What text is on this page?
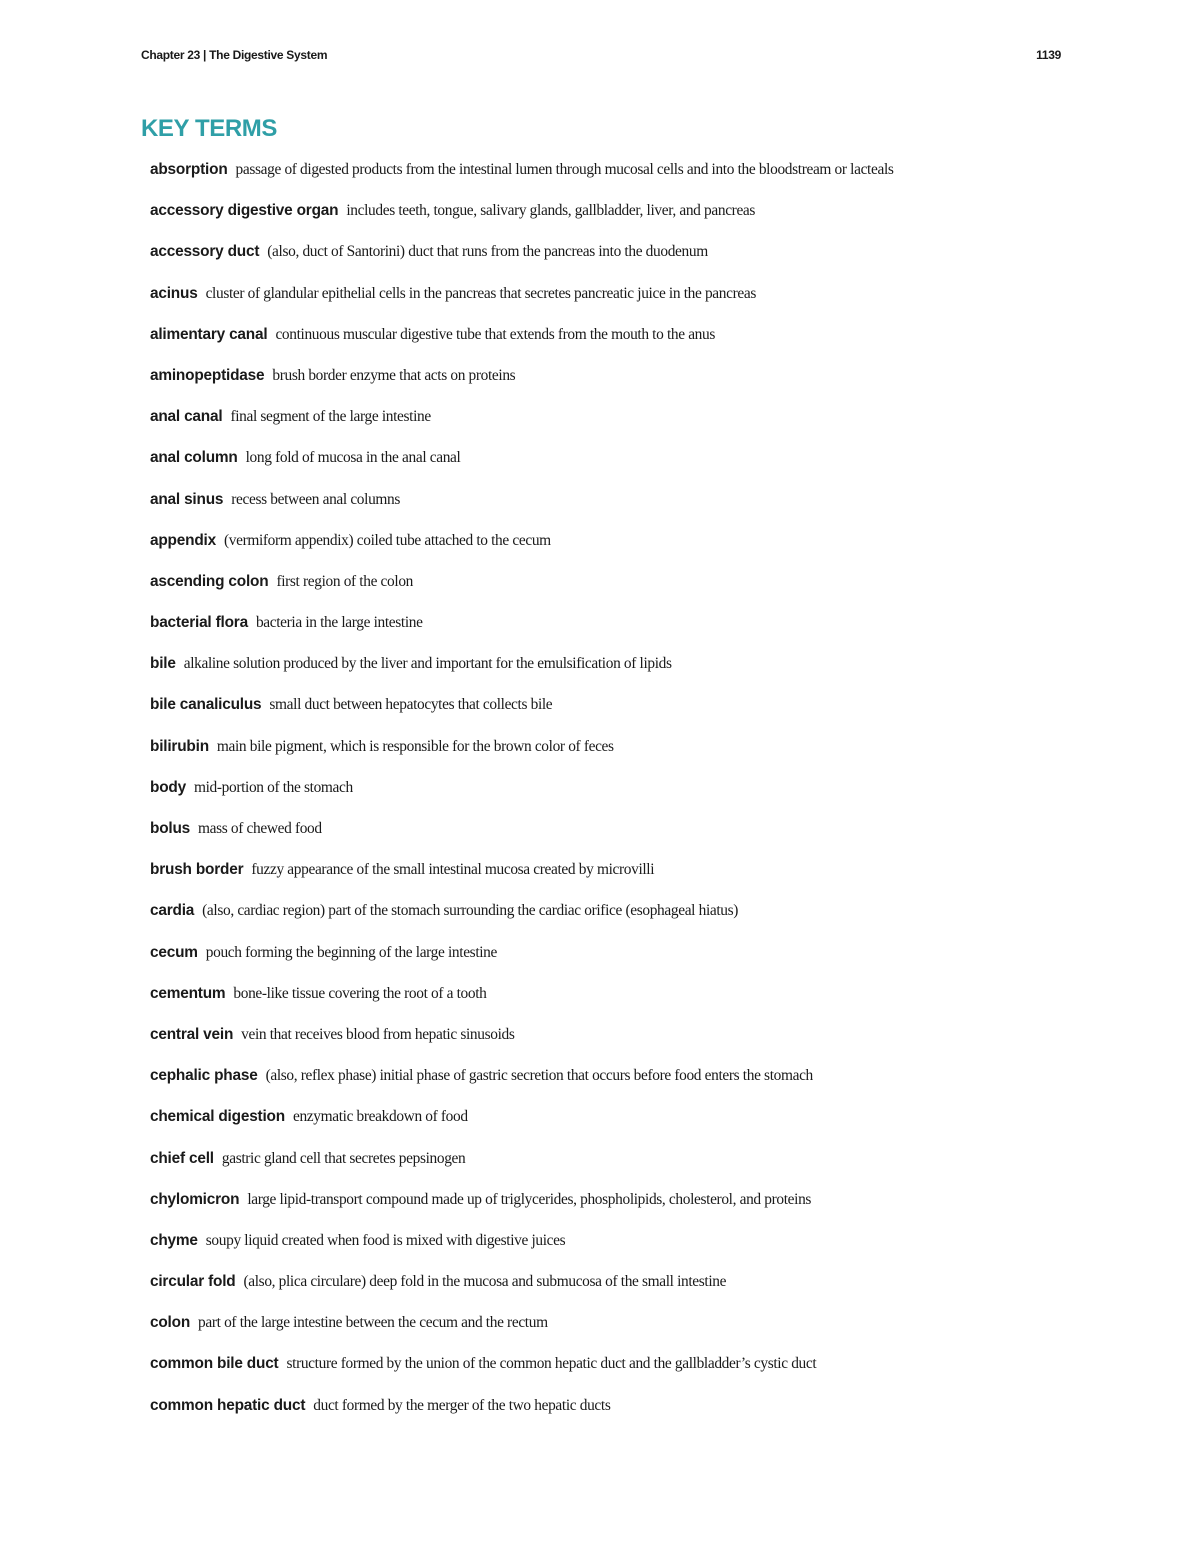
Chapter 23 | The Digestive System	1139
KEY TERMS
absorption passage of digested products from the intestinal lumen through mucosal cells and into the bloodstream or lacteals
accessory digestive organ includes teeth, tongue, salivary glands, gallbladder, liver, and pancreas
accessory duct (also, duct of Santorini) duct that runs from the pancreas into the duodenum
acinus cluster of glandular epithelial cells in the pancreas that secretes pancreatic juice in the pancreas
alimentary canal continuous muscular digestive tube that extends from the mouth to the anus
aminopeptidase brush border enzyme that acts on proteins
anal canal final segment of the large intestine
anal column long fold of mucosa in the anal canal
anal sinus recess between anal columns
appendix (vermiform appendix) coiled tube attached to the cecum
ascending colon first region of the colon
bacterial flora bacteria in the large intestine
bile alkaline solution produced by the liver and important for the emulsification of lipids
bile canaliculus small duct between hepatocytes that collects bile
bilirubin main bile pigment, which is responsible for the brown color of feces
body mid-portion of the stomach
bolus mass of chewed food
brush border fuzzy appearance of the small intestinal mucosa created by microvilli
cardia (also, cardiac region) part of the stomach surrounding the cardiac orifice (esophageal hiatus)
cecum pouch forming the beginning of the large intestine
cementum bone-like tissue covering the root of a tooth
central vein vein that receives blood from hepatic sinusoids
cephalic phase (also, reflex phase) initial phase of gastric secretion that occurs before food enters the stomach
chemical digestion enzymatic breakdown of food
chief cell gastric gland cell that secretes pepsinogen
chylomicron large lipid-transport compound made up of triglycerides, phospholipids, cholesterol, and proteins
chyme soupy liquid created when food is mixed with digestive juices
circular fold (also, plica circulare) deep fold in the mucosa and submucosa of the small intestine
colon part of the large intestine between the cecum and the rectum
common bile duct structure formed by the union of the common hepatic duct and the gallbladder’s cystic duct
common hepatic duct duct formed by the merger of the two hepatic ducts
